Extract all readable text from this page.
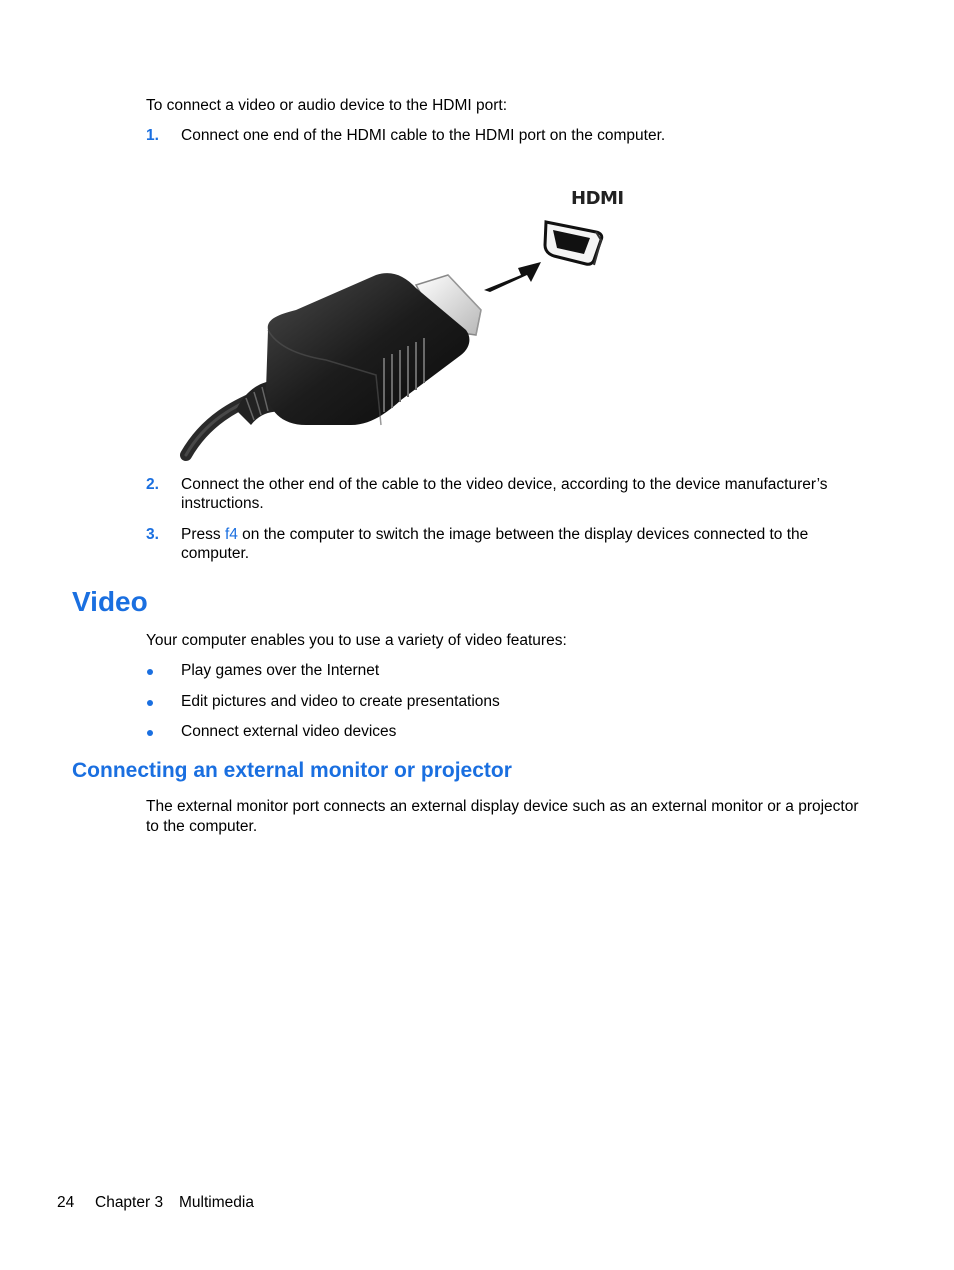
To connect a video or audio device to the HDMI port:
1. Connect one end of the HDMI cable to the HDMI port on the computer.
HDMI
2. Connect the other end of the cable to the video device, according to the device manufacturer’s
instructions.
3. Press f4 on the computer to switch the image between the display devices connected to the
computer.
Video
Your computer enables you to use a variety of video features:
Play games over the Internet
Edit pictures and video to create presentations
Connect external video devices
Connecting an external monitor or projector
The external monitor port connects an external display device such as an external monitor or a projector
to the computer.
24 Chapter 3 Multimedia
